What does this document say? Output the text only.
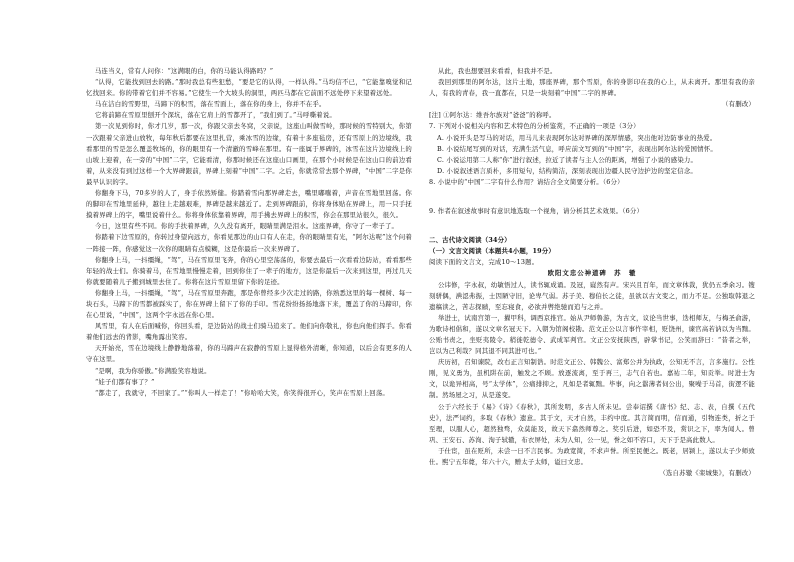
马连当义，常有人问你：“这满眼的白，你的马能认得路吗？”

“认得，它能找到回去的路。”那时我总有些犯愁，“要是它的认得，一样认得。”马均信不已，“它能靠嗅觉和记忆找回来。你的带着它们并不容易。”它使生一个大坡头的洞里，两匹马都在它前面不远处停下来望着远处。

马在洁白的雪野里，马蹄下的积雪，落在雪面上，落在你的身上，你并不在乎。

它将前蹄在雪原里刨开个深坑，落在它肩上的雪都开了，“我们到了。”马呼嘶着说。

第一次见到你时，你才几岁，那一次，你跟父亲去冬窝，父亲说，这座山叫做雪岭，那时候的雪特别大，你第一次跟着父亲进山放牧，每年秋后都要在这里扎营，乘冰雪的边缘，有着十多座毡房，还有雪原上的边境线，我看那里的雪是怎么覆盖牧场的，你的眼里有一个清澈的雪峰在那里。有一座属于界碑的，冰雪在这片边境线上的山坡上迎着，在一旁的“中国”二字，它能看清，你那时候还在这座山口画里，在那个小时候是在这山口的前边看着，从来没有到过这样一个大界碑跟前，界碑上刻着“中国”二字。之后，你就常常去那个界碑，“中国”二字是你最早认识的字。

你翻身下马，70多岁的人了，身手依然矫健。你踏着雪向那界碑走去，嘴里嘟囔着，声音在雪地里回荡。你的脚印在雪地里延伸，越往上走越艰难，界碑是越来越近了。走到界碑跟前，你将身体贴在界碑上，用一只手抚摸着界碑上的字，嘴里说着什么。你将身体依靠着界碑，用手拂去界碑上的积雪，你会在那里站很久，很久。

今日，这里有些不同。你的手扶着界碑，久久没有离开，眼睛里满是泪水。这座界碑，你守了一辈子了。

你踏着下边雪原的，你转过身望向远方，你看见那边的山口有人在走，你的眼睛里有光，“阿尔达呢”这个问着一阵接一阵，你感觉这一次你的眼睛有点模糊，这是你最后一次来界碑了。

你翻身上马，一抖缰绳，“驾”，马在雪原里飞奔，你的心里空荡荡的，你要去最后一次看看边防站，看看那些年轻的战士们。你骑着马，在雪地里慢慢走着，回到你住了一辈子的地方，这是你最后一次来到这里，再过几天你就要随着儿子搬到城里去住了。你将在这片雪原里留下你的足迹。

你翻身上马，一抖缰绳，“驾”，马在雪原里奔跑，那是你曾经多少次走过的路，你熟悉这里的每一棵树、每一块石头，马蹄下的雪都被踩实了，你在界碑上留下了你的手印。雪花纷纷扬扬地落下来，覆盖了你的马蹄印，你在心里说，“中国”，这两个字永远在你心里。

风雪里，有人在后面喊你，你回头看，是边防站的战士们骑马追来了。他们向你敬礼，你也向他们挥手。你看着他们远去的背影，嘴角露出笑容。

天开始亮，雪在边境线上静静地落着，你的马蹄声在寂静的雪原上显得格外清晰，你知道，以后会有更多的人守在这里。

“是啊，我为你骄傲。”你满脸笑容地说。

“娃子们都有事了？”

“都走了，我就守，不回家了。”“你叫人一样走了！”你哈哈大笑，你笑得很开心，笑声在雪原上回荡。

从此，我也想要回来看看，但我并不是。

我回到那里的阿尔达，这片土地，那座界碑，那个雪原，你的身影印在我的心上，从未离开。那里有我的亲人，有我的青春，我一直都在，只是一块刻着“中国”二字的界碑。

（有删改）

[注] ①阿尔达：维吾尔族对“爸爸”的称呼。

7. 下列对小说相关内容和艺术特色的分析鉴赏，不正确的一项是（3分）

A. 小说开头是写马的对话，用马儿来表现阿尔达对界碑的深厚情感，突出他对边防事业的热爱。

B. 小说结尾写到的对话，充满生活气息，呼应前文写到的“中国”字，表现出阿尔达的爱国情怀。

C. 小说运用第二人称“你”进行叙述，拉近了读者与主人公的距离，增强了小说的感染力。

D. 小说叙述语言质朴，多用短句，结构简洁，深刻表现出边疆人民守边护边的坚定信念。

8. 小说中的“中国”二字有什么作用？请结合全文简要分析。（6分）

9. 作者在叙述故事时有意识地选取一个视角，请分析其艺术效果。（6分）

二、古代诗文阅读（34分）

（一）文言文阅读（本题共4小题，19分）

阅读下面的文言文，完成10～13题。

欧阳文忠公神道碑　苏　辙

公讳修，字永叔，幼敏悟过人，读书辄成诵。及冠，嶷然有声。宋兴且百年，而文章体裁，犹仍五季余习。锼刻骈偶，淟涊弗振，士因陋守旧，论卑气弱。苏子美、穆伯长之徒，虽欲以古文变之，而力不足。公独取韩退之遗稿读之，苦志探赜，至忘寝食，必欲并辔绝驰而追与之并。

举进士，试南宫第一，擢甲科，调西京推官。始从尹师鲁游，为古文，议论当世事，迭相师友，与梅圣俞游，为歌诗相倡和，遂以文章名冠天下。入朝为馆阁校勘。范文正公以言事忤宰相，贬饶州，谏官高若讷以为当黜。公贻书责之，坐贬夷陵令。稍徙乾德令、武成军判官。文正公安抚陕西，辟掌书记，公笑而辞曰：“昔者之举，岂以为己利哉？同其退不同其进可也。”

庆历初，召知谏院，改右正言知制诰。时范文正公、韩魏公、富郑公并为执政，公知无不言，言多施行。公性刚，见义勇为，虽机阱在前，触发之不顾。放逐流离，至于再三，志气自若也。嘉祐二年，知贡举。时进士为文，以诡异相高，号“太学体”，公痛排抑之，凡如是者辄黜。毕事，向之嚣薄者伺公出，聚噪于马首，街逻不能制。然场屋之习，从是遂变。

公于六经长于《易》《诗》《春秋》，其所发明，多古人所未见。尝奉诏撰《唐书》纪、志、表，自撰《五代史》，法严词约，多取《春秋》遗意。其于文，天才自然，丰约中度。其言简而明，信而通，引物连类，折之于至理，以服人心，超然独骛，众莫能及，故天下翕然师尊之。奖引后进，如恐不及，赏识之下，率为闻人。曾巩、王安石、苏洵、洵子轼辙，布衣屏处，未为人知，公一见，誉之如不容口，天下于是高此数人。

于仕宦，虽在贬所，未尝一日不言民事。为政宽简，不求声誉。所至民便之。既老，居颍上，遂以太子少师致仕。熙宁五年薨，年六十六，赠太子太师，谥曰文忠。

（选自苏辙《栾城集》，有删改）
